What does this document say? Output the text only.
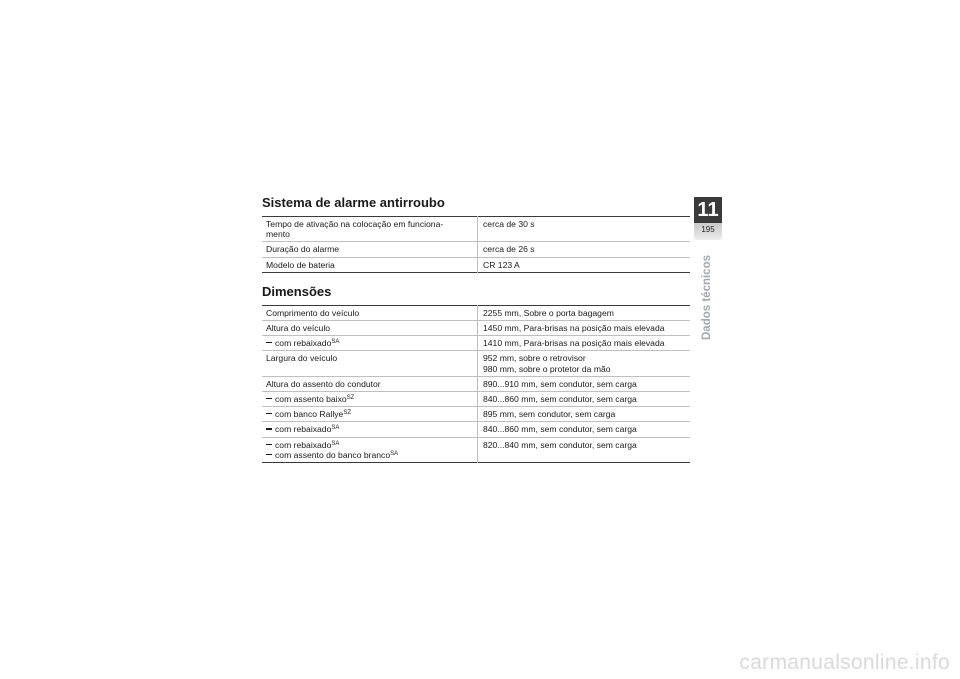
Sistema de alarme antirroubo
Tempo de ativação na colocação em funciona-
mento	cerca de 30 s
Duração do alarme	cerca de 26 s
Modelo de bateria	CR 123 A
Dimensões
Comprimento do veículo	2255 mm, Sobre o porta bagagem
Altura do veículo	1450 mm, Para-brisas na posição mais elevada

com rebaixado$^{SA}$	1410 mm, Para-brisas na posição mais elevada
Largura do veículo	952 mm, sobre o retrovisor
980 mm, sobre o protetor da mão

Altura do assento do condutor	890...910 mm, sem condutor, sem carga

com assento baixo$^{SZ}$	840...860 mm, sem condutor, sem carga

com banco Rallye$^{SZ}$	895 mm, sem condutor, sem carga

com rebaixado$^{SA}$	840...860 mm, sem condutor, sem carga

com rebaixado$^{SA}$
com assento do banco branco$^{SA}$	820...840 mm, sem condutor, sem carga
11
195
Dados técnicos
carmanualsonline.info
